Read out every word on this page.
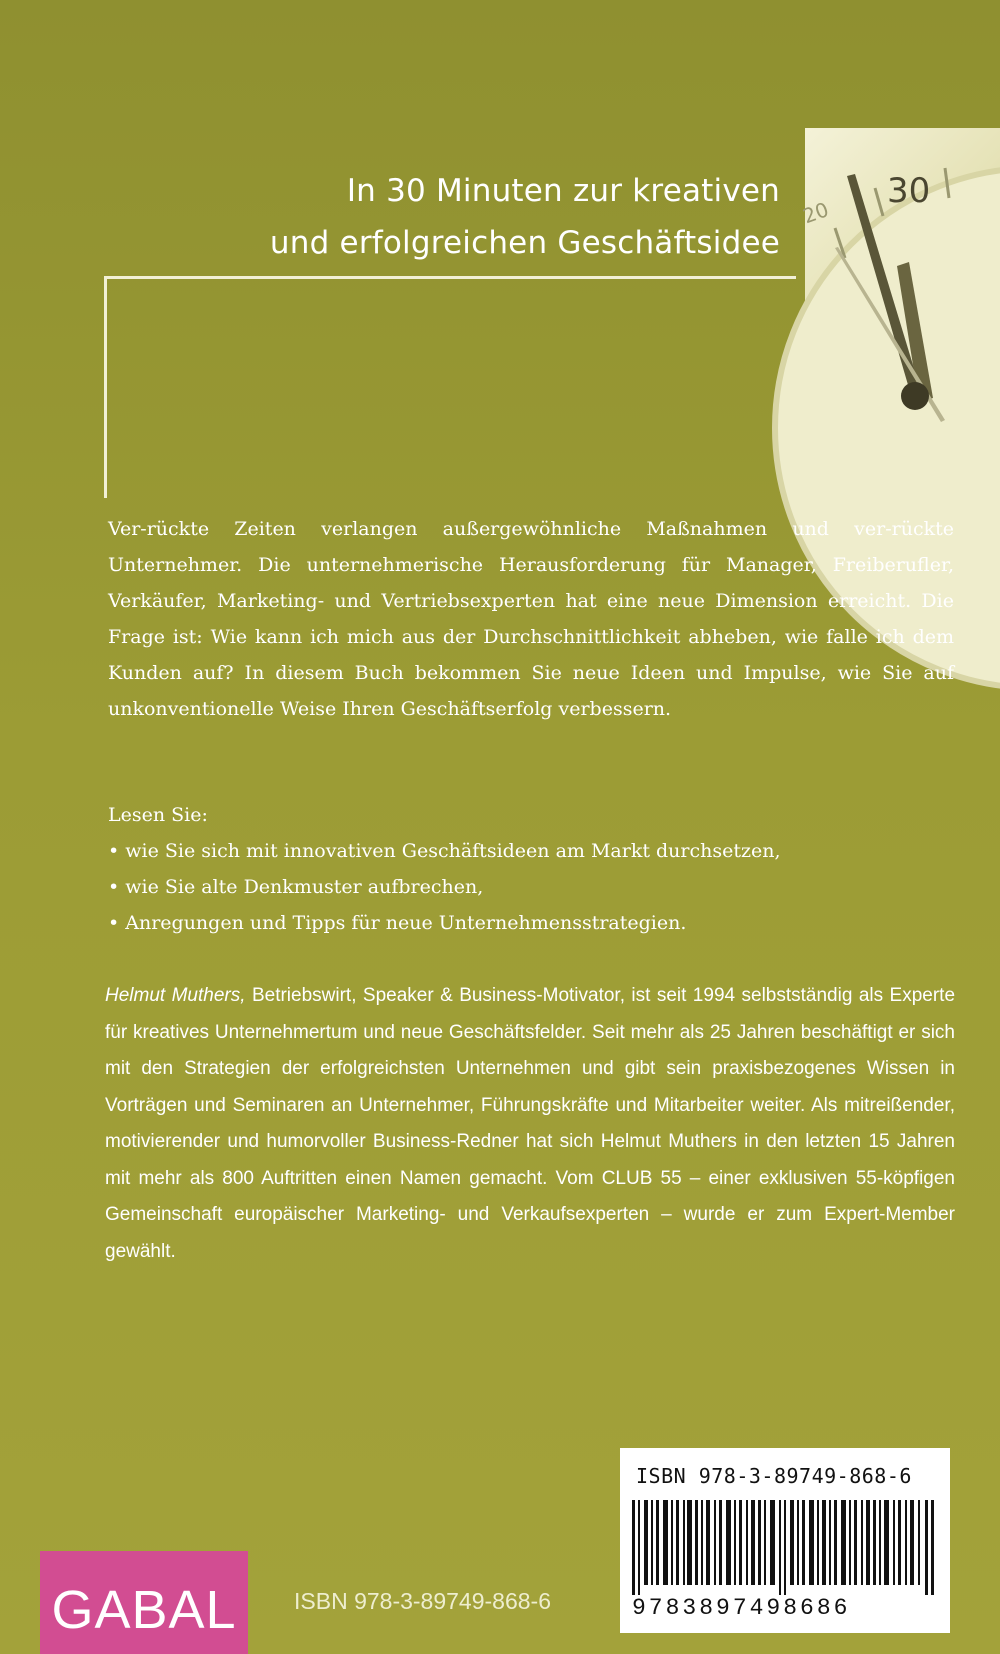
20
30
In 30 Minuten zur kreativen
und erfolgreichen Geschäftsidee

Ver-rückte Zeiten verlangen außergewöhnliche Maßnahmen und ver-rückte Unternehmer. Die unternehmerische Herausforderung für Manager, Freiberufler, Verkäufer, Marketing- und Vertriebsexperten hat eine neue Dimension erreicht. Die Frage ist: Wie kann ich mich aus der Durchschnittlichkeit abheben, wie falle ich dem Kunden auf? In diesem Buch bekommen Sie neue Ideen und Impulse, wie Sie auf unkonventionelle Weise Ihren Geschäftserfolg verbessern.

Lesen Sie:
• wie Sie sich mit innovativen Geschäftsideen am Markt durchsetzen,
• wie Sie alte Denkmuster aufbrechen,
• Anregungen und Tipps für neue Unternehmensstrategien.

Helmut Muthers, Betriebswirt, Speaker & Business-Motivator, ist seit 1994 selbstständig als Experte für kreatives Unternehmertum und neue Geschäftsfelder. Seit mehr als 25 Jahren beschäftigt er sich mit den Strategien der erfolgreichsten Unternehmen und gibt sein praxisbezogenes Wissen in Vorträgen und Seminaren an Unternehmer, Führungskräfte und Mitarbeiter weiter. Als mitreißender, motivierender und humorvoller Business-Redner hat sich Helmut Muthers in den letzten 15 Jahren mit mehr als 800 Auftritten einen Namen gemacht. Vom CLUB 55 – einer exklusiven 55-köpfigen Gemeinschaft europäischer Marketing- und Verkaufsexperten – wurde er zum Expert-Member gewählt.

ISBN 978-3-89749-868-6
9783897498686
GABAL	ISBN 978-3-89749-868-6
